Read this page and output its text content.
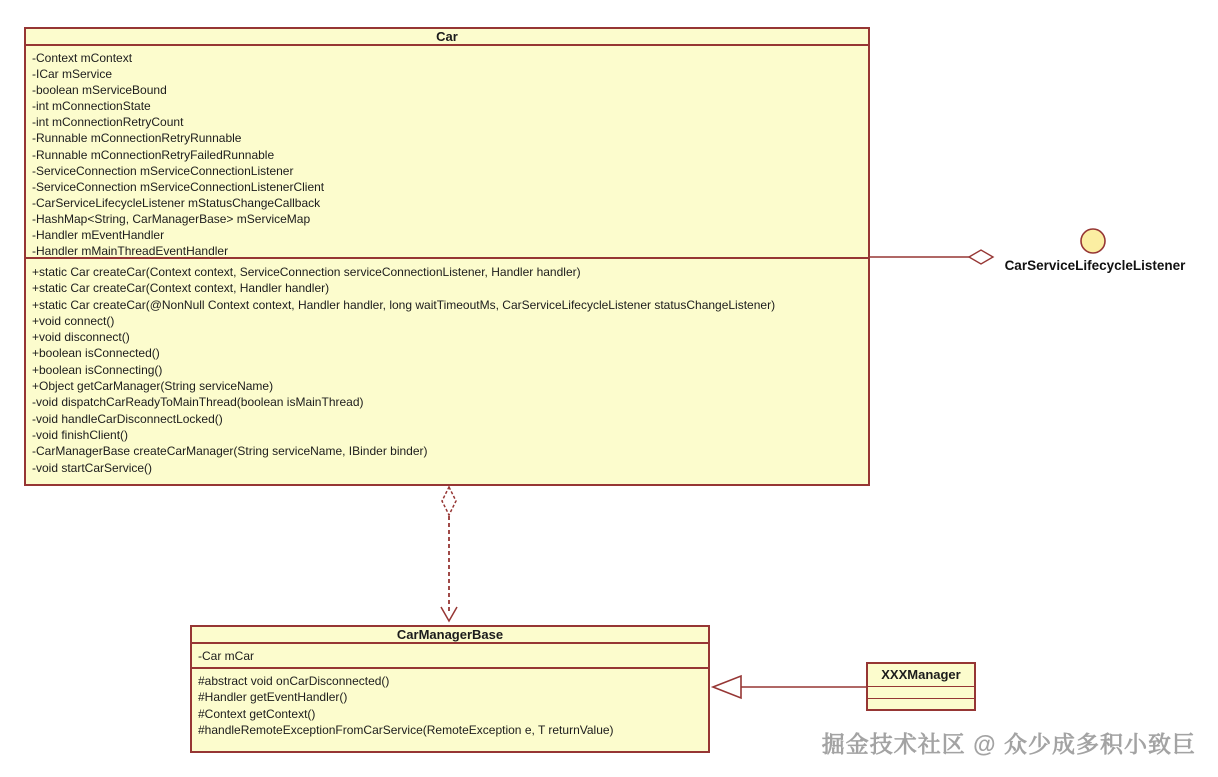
Car
-Context mContext
-ICar mService
-boolean mServiceBound
-int mConnectionState
-int mConnectionRetryCount
-Runnable mConnectionRetryRunnable
-Runnable mConnectionRetryFailedRunnable
-ServiceConnection mServiceConnectionListener
-ServiceConnection mServiceConnectionListenerClient
-CarServiceLifecycleListener mStatusChangeCallback
-HashMap<String, CarManagerBase> mServiceMap
-Handler mEventHandler
-Handler mMainThreadEventHandler
+static Car createCar(Context context, ServiceConnection serviceConnectionListener, Handler handler)
+static Car createCar(Context context, Handler handler)
+static Car createCar(@NonNull Context context, Handler handler, long waitTimeoutMs, CarServiceLifecycleListener statusChangeListener)
+void connect()
+void disconnect()
+boolean isConnected()
+boolean isConnecting()
+Object getCarManager(String serviceName)
-void dispatchCarReadyToMainThread(boolean isMainThread)
-void handleCarDisconnectLocked()
-void finishClient()
-CarManagerBase createCarManager(String serviceName, IBinder binder)
-void startCarService()
CarManagerBase
-Car mCar
#abstract void onCarDisconnected()
#Handler getEventHandler()
#Context getContext()
#handleRemoteExceptionFromCarService(RemoteException e, T returnValue)
XXXManager
CarServiceLifecycleListener
掘金技术社区 @ 众少成多积小致巨
